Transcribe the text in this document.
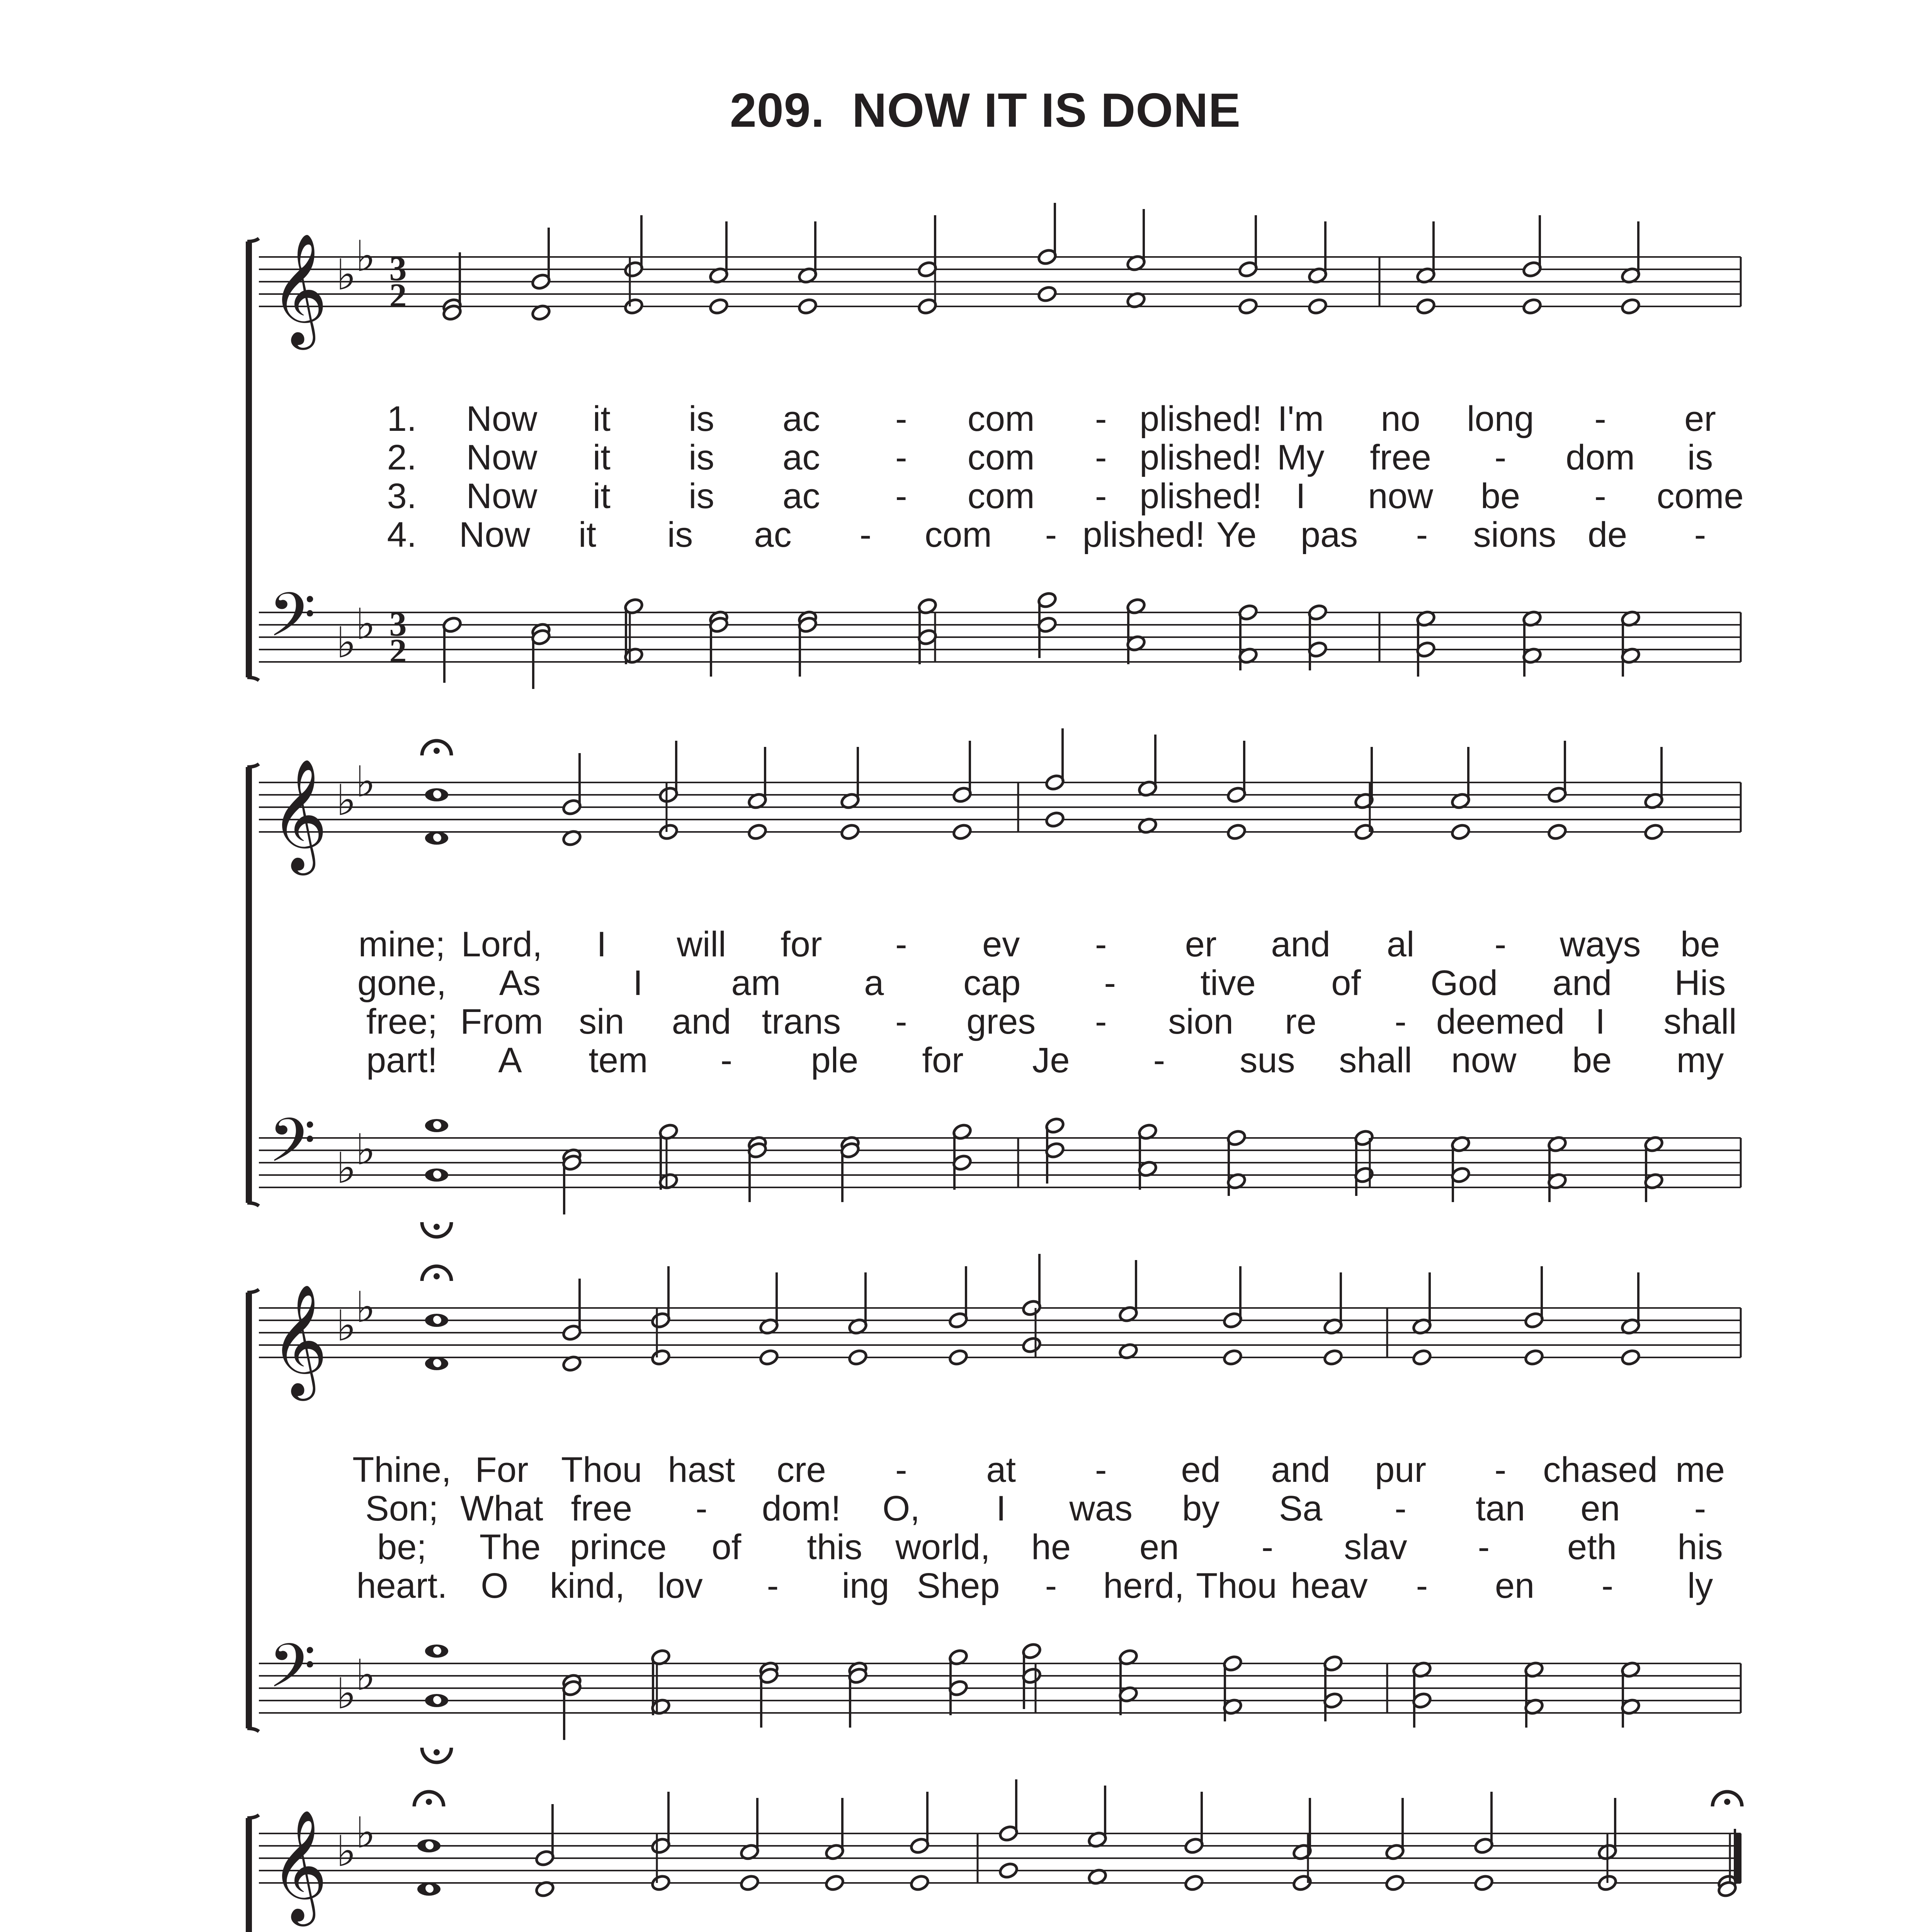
209. NOW IT IS DONE
𝄞
𝄢
♭
♭
♭
♭
3
2
3
2
1. Now it is ac - com - plished! I'm no long - er
2. Now it is ac - com - plished! My free - dom is
3. Now it is ac - com - plished! I now be - come
4. Now it is ac - com - plished! Ye pas - sions de -
𝄞
𝄢
♭
♭
♭
♭
mine; Lord, I will for - ev - er and al - ways be
gone, As	I am a cap - tive of God and His
free; From sin and trans - gres - sion re - deemed I shall
part! A tem - ple for Je - sus shall now be my
𝄞
𝄢
♭
♭
♭
♭
Thine, For Thou hast cre - at - ed and pur - chased me
Son; What free - dom! O, I was by Sa - tan en -
be; The prince of this world, he en - slav - eth his
heart. O kind, lov - ing Shep - herd, Thou heav - en - ly
𝄞 ♭
♭
